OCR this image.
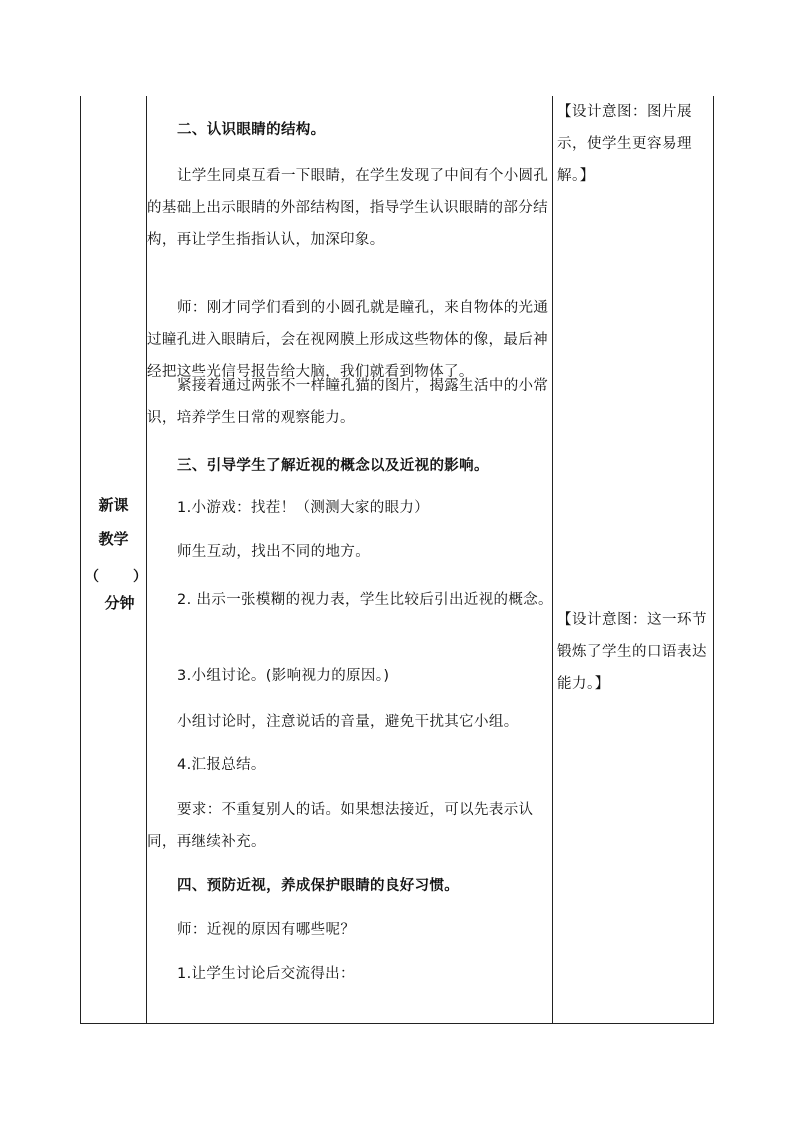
新课
教学
（ ）
分钟

二、认识眼睛的结构。

让学生同桌互看一下眼睛，在学生发现了中间有个小圆孔的基础上出示眼睛的外部结构图，指导学生认识眼睛的部分结构，再让学生指指认认，加深印象。

师：刚才同学们看到的小圆孔就是瞳孔，来自物体的光通过瞳孔进入眼睛后，会在视网膜上形成这些物体的像，最后神经把这些光信号报告给大脑，我们就看到物体了。

紧接着通过两张不一样瞳孔猫的图片，揭露生活中的小常识，培养学生日常的观察能力。

三、引导学生了解近视的概念以及近视的影响。

1.小游戏：找茬！（测测大家的眼力）

师生互动，找出不同的地方。

2. 出示一张模糊的视力表，学生比较后引出近视的概念。

3.小组讨论。(影响视力的原因。)

小组讨论时，注意说话的音量，避免干扰其它小组。

4.汇报总结。

要求：不重复别人的话。如果想法接近，可以先表示认同，再继续补充。

四、预防近视，养成保护眼睛的良好习惯。

师：近视的原因有哪些呢？

1.让学生讨论后交流得出：

【设计意图：图片展示，使学生更容易理解。】

【设计意图：这一环节锻炼了学生的口语表达能力。】
